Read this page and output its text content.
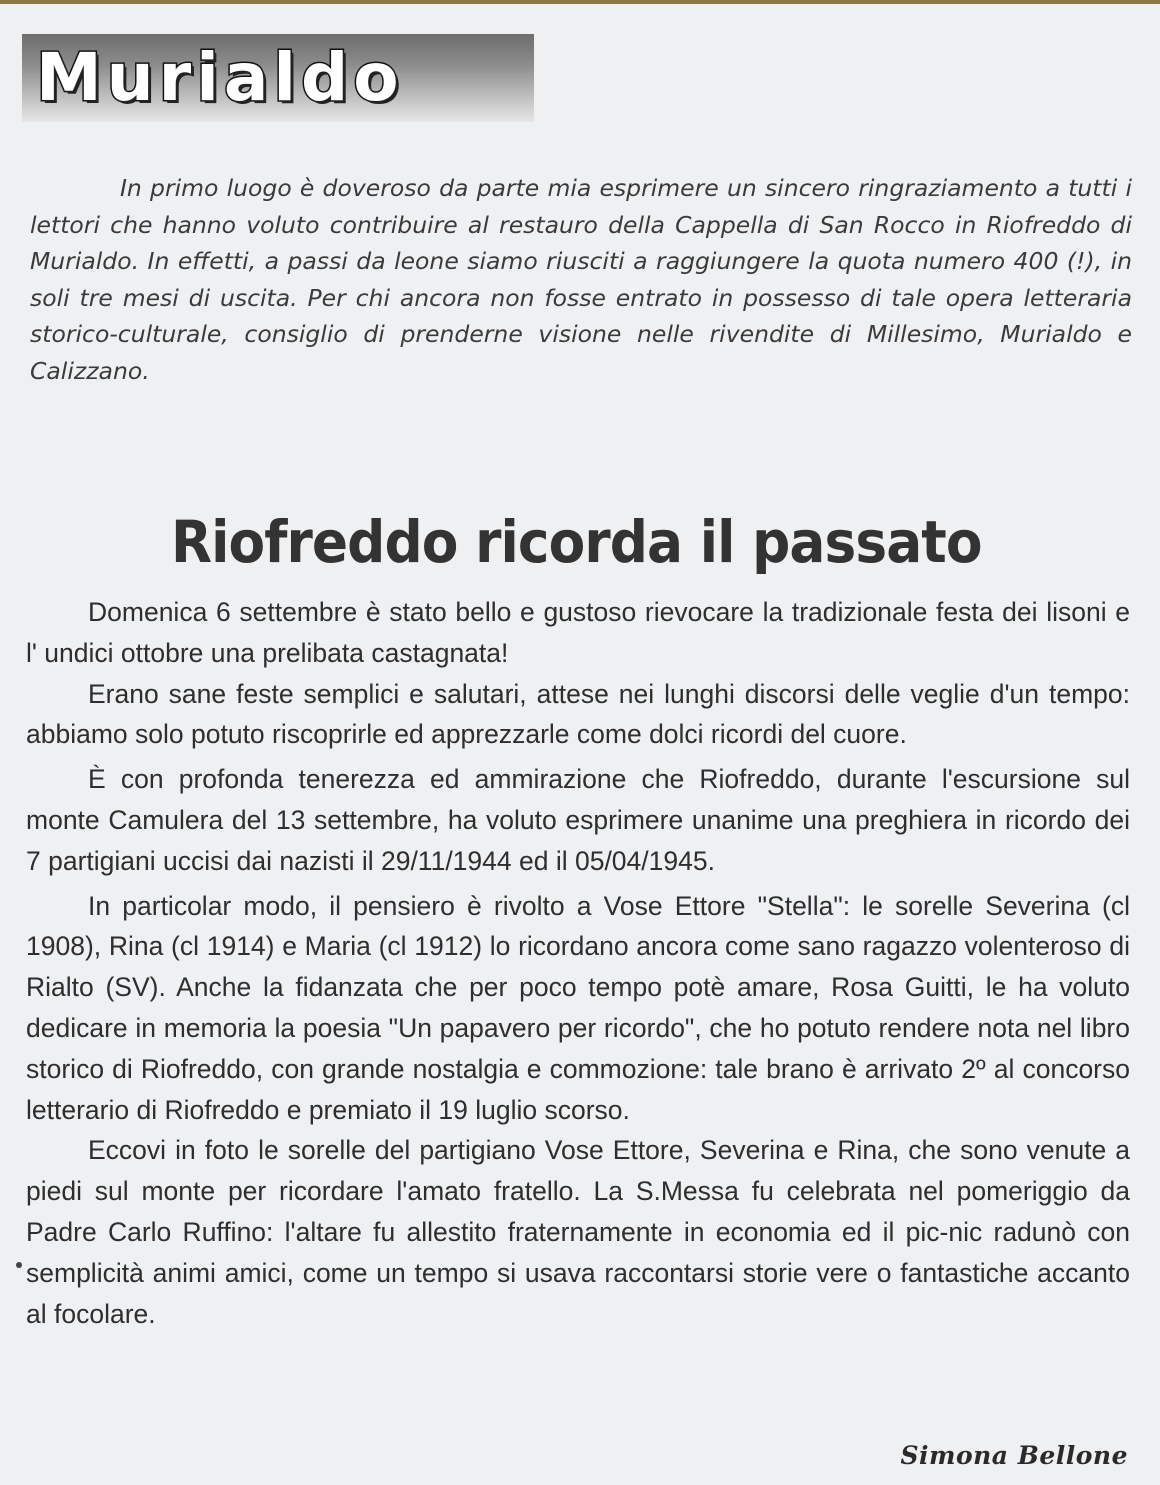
Murialdo

In primo luogo è doveroso da parte mia esprimere un sincero ringraziamento a tutti i lettori che hanno voluto contribuire al restauro della Cappella di San Rocco in Riofreddo di Murialdo. In effetti, a passi da leone siamo riusciti a raggiungere la quota numero 400 (!), in soli tre mesi di uscita. Per chi ancora non fosse entrato in possesso di tale opera letteraria storico-culturale, consiglio di prenderne visione nelle rivendite di Millesimo, Murialdo e Calizzano.

Riofreddo ricorda il passato

Domenica 6 settembre è stato bello e gustoso rievocare la tradizionale festa dei lisoni e l' undici ottobre una prelibata castagnata!

Erano sane feste semplici e salutari, attese nei lunghi discorsi delle veglie d'un tempo: abbiamo solo potuto riscoprirle ed apprezzarle come dolci ricordi del cuore.

È con profonda tenerezza ed ammirazione che Riofreddo, durante l'escursione sul monte Camulera del 13 settembre, ha voluto esprimere unanime una preghiera in ricordo dei 7 partigiani uccisi dai nazisti il 29/11/1944 ed il 05/04/1945.

In particolar modo, il pensiero è rivolto a Vose Ettore "Stella": le sorelle Severina (cl 1908), Rina (cl 1914) e Maria (cl 1912) lo ricordano ancora come sano ragazzo volenteroso di Rialto (SV). Anche la fidanzata che per poco tempo potè amare, Rosa Guitti, le ha voluto dedicare in memoria la poesia "Un papavero per ricordo", che ho potuto rendere nota nel libro storico di Riofreddo, con grande nostalgia e commozione: tale brano è arrivato 2º al concorso letterario di Riofreddo e premiato il 19 luglio scorso.

Eccovi in foto le sorelle del partigiano Vose Ettore, Severina e Rina, che sono venute a piedi sul monte per ricordare l'amato fratello. La S.Messa fu celebrata nel pomeriggio da Padre Carlo Ruffino: l'altare fu allestito fraternamente in economia ed il pic-nic radunò con semplicità animi amici, come un tempo si usava raccontarsi storie vere o fantastiche accanto al focolare.

Simona Bellone
